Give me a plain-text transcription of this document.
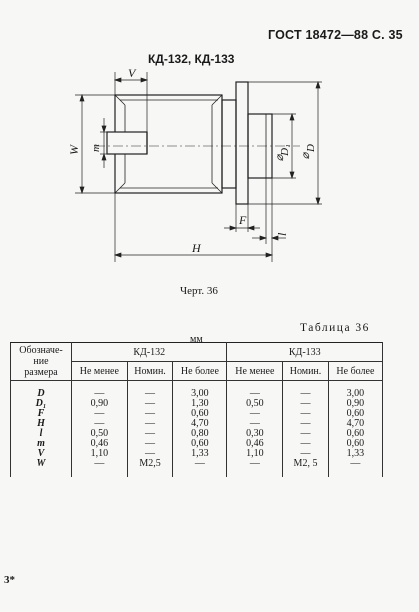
ГОСТ 18472—88 С. 35
КД-132, КД-133
V
W m	D₁
⌀
D
⌀
F
H
l
Черт. 36
Таблица 36
мм
Обозначе-
ние
размера	КД-132			КД-133		
	Не менее	Номин.	Не более	Не менее	Номин.	Не более

D	—	—	3,00	—	—	3,00
D₁	0,90	—	1,30	0,50	—	0,90
F	—	—	0,60	—	—	0,60
H	—	—	4,70	—	—	4,70
l	0,50	—	0,80	0,30	—	0,60
m	0,46	—	0,60	0,46	—	0,60
V	1,10	—	1,33	1,10	—	1,33
W	—	М2,5	—	—	М2, 5	—
3*
